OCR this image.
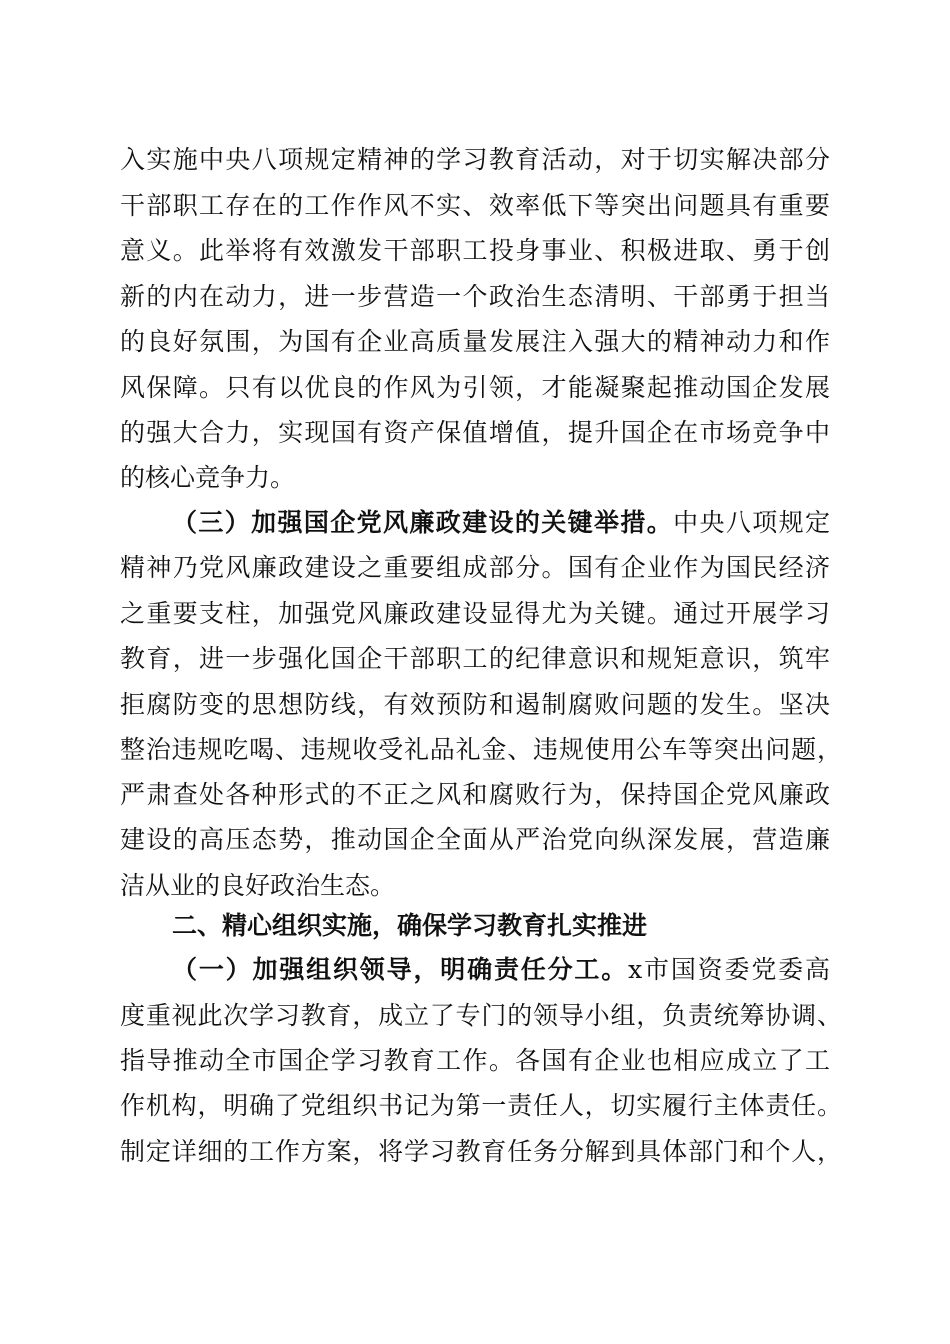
入实施中央八项规定精神的学习教育活动，对于切实解决部分
干部职工存在的工作作风不实、效率低下等突出问题具有重要
意义。此举将有效激发干部职工投身事业、积极进取、勇于创
新的内在动力，进一步营造一个政治生态清明、干部勇于担当
的良好氛围，为国有企业高质量发展注入强大的精神动力和作
风保障。只有以优良的作风为引领，才能凝聚起推动国企发展
的强大合力，实现国有资产保值增值，提升国企在市场竞争中
的核心竞争力。
（三）加强国企党风廉政建设的关键举措。中央八项规定
精神乃党风廉政建设之重要组成部分。国有企业作为国民经济
之重要支柱，加强党风廉政建设显得尤为关键。通过开展学习
教育，进一步强化国企干部职工的纪律意识和规矩意识，筑牢
拒腐防变的思想防线，有效预防和遏制腐败问题的发生。坚决
整治违规吃喝、违规收受礼品礼金、违规使用公车等突出问题，
严肃查处各种形式的不正之风和腐败行为，保持国企党风廉政
建设的高压态势，推动国企全面从严治党向纵深发展，营造廉
洁从业的良好政治生态。
二、精心组织实施，确保学习教育扎实推进
（一）加强组织领导，明确责任分工。x市国资委党委高
度重视此次学习教育，成立了专门的领导小组，负责统筹协调、
指导推动全市国企学习教育工作。各国有企业也相应成立了工
作机构，明确了党组织书记为第一责任人，切实履行主体责任。
制定详细的工作方案，将学习教育任务分解到具体部门和个人，
